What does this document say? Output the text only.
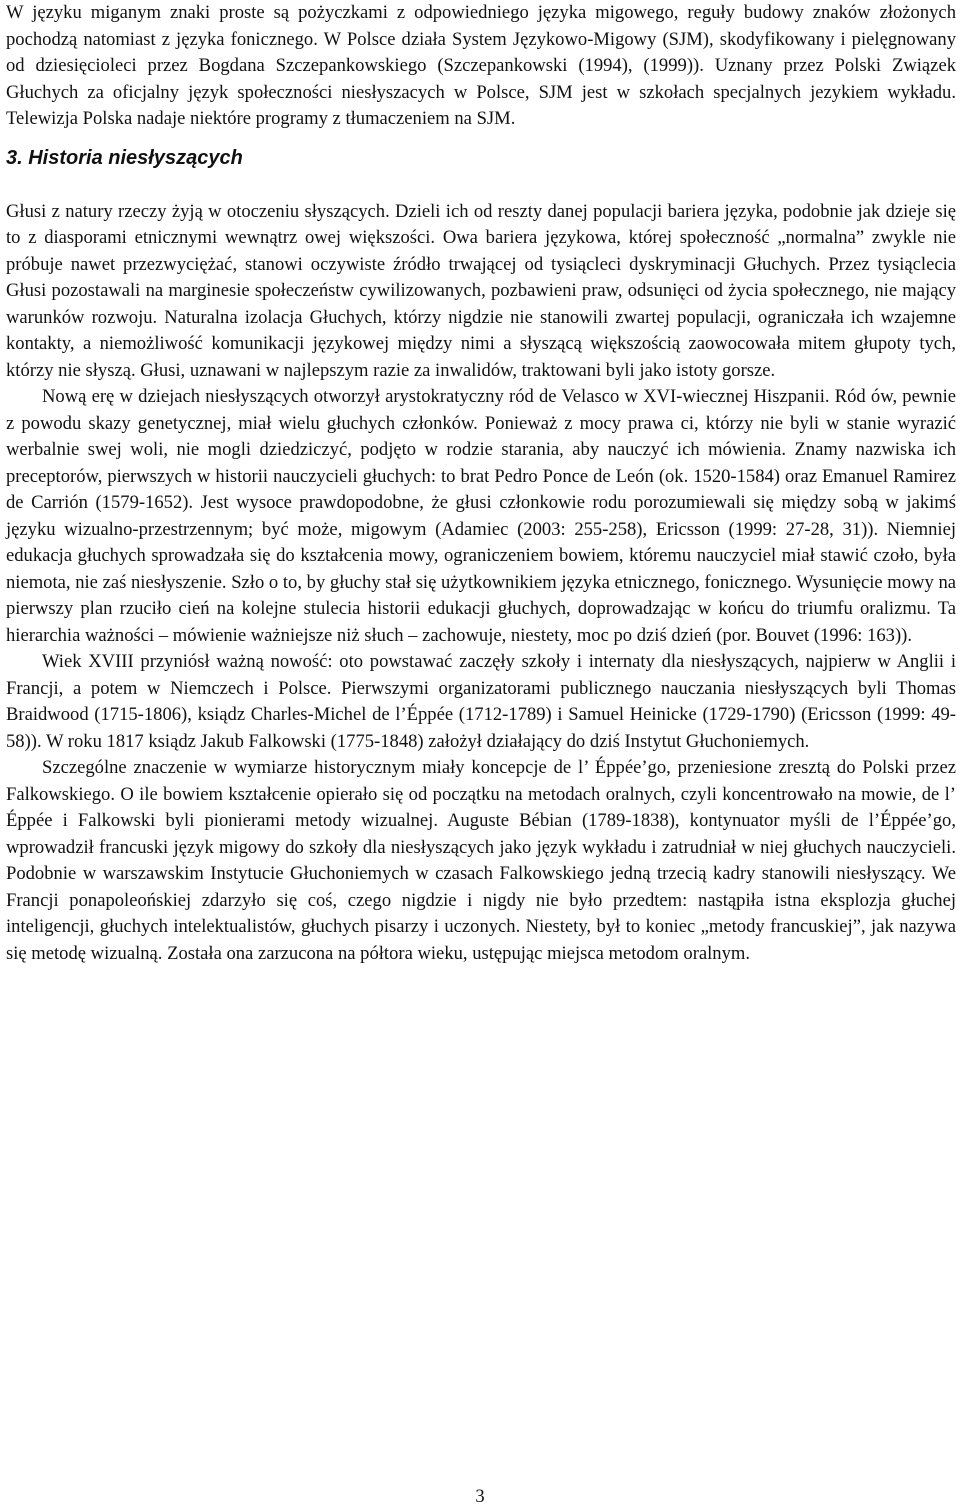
W języku miganym znaki proste są pożyczkami z odpowiedniego języka migowego, reguły budowy znaków złożonych pochodzą natomiast z języka fonicznego. W Polsce działa System Językowo-Migowy (SJM), skodyfikowany i pielęgnowany od dziesięcioleci przez Bogdana Szczepankowskiego (Szczepankowski (1994), (1999)). Uznany przez Polski Związek Głuchych za oficjalny język społeczności niesłyszacych w Polsce, SJM jest w szkołach specjalnych jezykiem wykładu. Telewizja Polska nadaje niektóre programy z tłumaczeniem na SJM.

3. Historia niesłyszących

Głusi z natury rzeczy żyją w otoczeniu słyszących. Dzieli ich od reszty danej populacji bariera języka, podobnie jak dzieje się to z diasporami etnicznymi wewnątrz owej większości. Owa bariera językowa, której społeczność „normalna” zwykle nie próbuje nawet przezwyciężać, stanowi oczywiste źródło trwającej od tysiącleci dyskryminacji Głuchych. Przez tysiąclecia Głusi pozostawali na marginesie społeczeństw cywilizowanych, pozbawieni praw, odsunięci od życia społecznego, nie mający warunków rozwoju. Naturalna izolacja Głuchych, którzy nigdzie nie stanowili zwartej populacji, ograniczała ich wzajemne kontakty, a niemożliwość komunikacji językowej między nimi a słyszącą większością zaowocowała mitem głupoty tych, którzy nie słyszą. Głusi, uznawani w najlepszym razie za inwalidów, traktowani byli jako istoty gorsze.

Nową erę w dziejach niesłyszących otworzył arystokratyczny ród de Velasco w XVI-wiecznej Hiszpanii. Ród ów, pewnie z powodu skazy genetycznej, miał wielu głuchych członków. Ponieważ z mocy prawa ci, którzy nie byli w stanie wyrazić werbalnie swej woli, nie mogli dziedziczyć, podjęto w rodzie starania, aby nauczyć ich mówienia. Znamy nazwiska ich preceptorów, pierwszych w historii nauczycieli głuchych: to brat Pedro Ponce de León (ok. 1520-1584) oraz Emanuel Ramirez de Carrión (1579-1652). Jest wysoce prawdopodobne, że głusi członkowie rodu porozumiewali się między sobą w jakimś języku wizualno-przestrzennym; być może, migowym (Adamiec (2003: 255-258), Ericsson (1999: 27-28, 31)). Niemniej edukacja głuchych sprowadzała się do kształcenia mowy, ograniczeniem bowiem, któremu nauczyciel miał stawić czoło, była niemota, nie zaś niesłyszenie. Szło o to, by głuchy stał się użytkownikiem języka etnicznego, fonicznego. Wysunięcie mowy na pierwszy plan rzuciło cień na kolejne stulecia historii edukacji głuchych, doprowadzając w końcu do triumfu oralizmu. Ta hierarchia ważności – mówienie ważniejsze niż słuch – zachowuje, niestety, moc po dziś dzień (por. Bouvet (1996: 163)).

Wiek XVIII przyniósł ważną nowość: oto powstawać zaczęły szkoły i internaty dla niesłyszących, najpierw w Anglii i Francji, a potem w Niemczech i Polsce. Pierwszymi organizatorami publicznego nauczania niesłyszących byli Thomas Braidwood (1715-1806), ksiądz Charles-Michel de l’Éppée (1712-1789) i Samuel Heinicke (1729-1790) (Ericsson (1999: 49-58)). W roku 1817 ksiądz Jakub Falkowski (1775-1848) założył działający do dziś Instytut Głuchoniemych.

Szczególne znaczenie w wymiarze historycznym miały koncepcje de l’ Éppée’go, przeniesione zresztą do Polski przez Falkowskiego. O ile bowiem kształcenie opierało się od początku na metodach oralnych, czyli koncentrowało na mowie, de l’ Éppée i Falkowski byli pionierami metody wizualnej. Auguste Bébian (1789-1838), kontynuator myśli de l’Éppée’go, wprowadził francuski język migowy do szkoły dla niesłyszących jako język wykładu i zatrudniał w niej głuchych nauczycieli. Podobnie w warszawskim Instytucie Głuchoniemych w czasach Falkowskiego jedną trzecią kadry stanowili niesłyszący. We Francji ponapoleońskiej zdarzyło się coś, czego nigdzie i nigdy nie było przedtem: nastąpiła istna eksplozja głuchej inteligencji, głuchych intelektualistów, głuchych pisarzy i uczonych. Niestety, był to koniec „metody francuskiej”, jak nazywa się metodę wizualną. Została ona zarzucona na półtora wieku, ustępując miejsca metodom oralnym.

3
